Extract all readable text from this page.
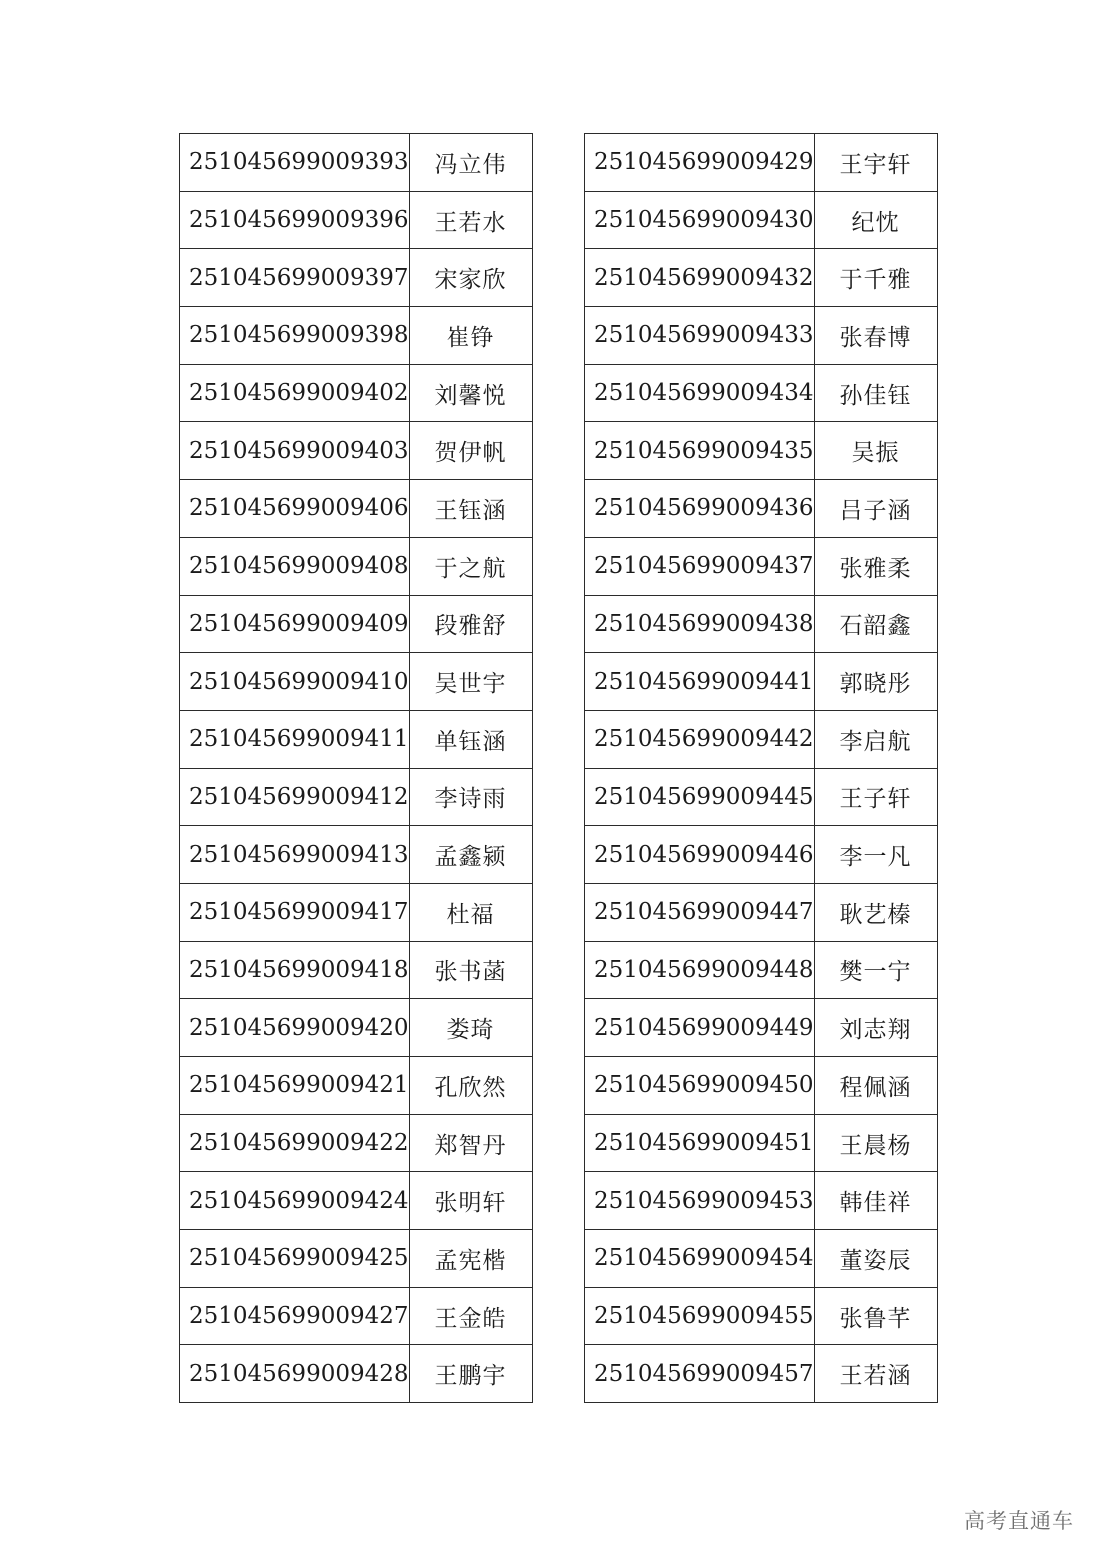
251045699009393	冯立伟
251045699009396	王若水
251045699009397	宋家欣
251045699009398	崔铮
251045699009402	刘馨悦
251045699009403	贺伊帆
251045699009406	王钰涵
251045699009408	于之航
251045699009409	段雅舒
251045699009410	吴世宇
251045699009411	单钰涵
251045699009412	李诗雨
251045699009413	孟鑫颍
251045699009417	杜福
251045699009418	张书菡
251045699009420	娄琦
251045699009421	孔欣然
251045699009422	郑智丹
251045699009424	张明轩
251045699009425	孟宪楷
251045699009427	王金皓
251045699009428	王鹏宇
251045699009429	王宇轩
251045699009430	纪忱
251045699009432	于千雅
251045699009433	张春博
251045699009434	孙佳钰
251045699009435	吴振
251045699009436	吕子涵
251045699009437	张雅柔
251045699009438	石韶鑫
251045699009441	郭晓彤
251045699009442	李启航
251045699009445	王子轩
251045699009446	李一凡
251045699009447	耿艺榛
251045699009448	樊一宁
251045699009449	刘志翔
251045699009450	程佩涵
251045699009451	王晨杨
251045699009453	韩佳祥
251045699009454	董姿辰
251045699009455	张鲁芊
251045699009457	王若涵
高考直通车
